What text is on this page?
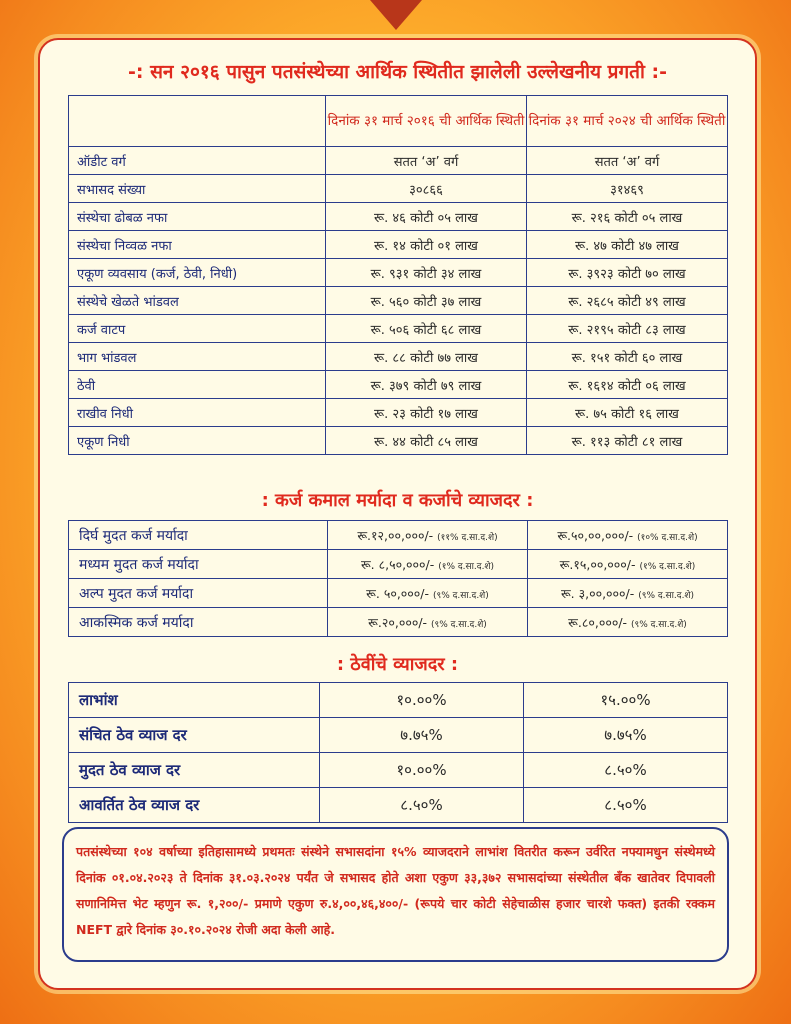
-: सन २०१६ पासुन पतसंस्थेच्या आर्थिक स्थितीत झालेली उल्लेखनीय प्रगती :-
	दिनांक ३१ मार्च २०१६ ची आर्थिक स्थिती	दिनांक ३१ मार्च २०२४ ची आर्थिक स्थिती
ऑडीट वर्ग	सतत ‘अ’ वर्ग	सतत ‘अ’ वर्ग
सभासद संख्या	३०८६६	३१४६९
संस्थेचा ढोबळ नफा	रू. ४६ कोटी ०५ लाख	रू. २१६ कोटी ०५ लाख
संस्थेचा निव्वळ नफा	रू. १४ कोटी ०१ लाख	रू. ४७ कोटी ४७ लाख
एकूण व्यवसाय (कर्ज, ठेवी, निधी)	रू. ९३१ कोटी ३४ लाख	रू. ३९२३ कोटी ७० लाख
संस्थेचे खेळते भांडवल	रू. ५६० कोटी ३७ लाख	रू. २६८५ कोटी ४९ लाख
कर्ज वाटप	रू. ५०६ कोटी ६८ लाख	रू. २१९५ कोटी ८३ लाख
भाग भांडवल	रू. ८८ कोटी ७७ लाख	रू. १५१ कोटी ६० लाख
ठेवी	रू. ३७९ कोटी ७९ लाख	रू. १६१४ कोटी ०६ लाख
राखीव निधी	रू. २३ कोटी १७ लाख	रू. ७५ कोटी १६ लाख
एकूण निधी	रू. ४४ कोटी ८५ लाख	रू. ११३ कोटी ८१ लाख
: कर्ज कमाल मर्यादा व कर्जाचे व्याजदर :
दिर्घ मुदत कर्ज मर्यादा	रू.१२,००,०००/- (११% द.सा.द.शे)	रू.५०,००,०००/- (१०% द.सा.द.शे)
मध्यम मुदत कर्ज मर्यादा	रू. ८,५०,०००/- (१% द.सा.द.शे)	रू.१५,००,०००/- (१% द.सा.द.शे)
अल्प मुदत कर्ज मर्यादा	रू. ५०,०००/- (९% द.सा.द.शे)	रू. ३,००,०००/- (९% द.सा.द.शे)
आकस्मिक कर्ज मर्यादा	रू.२०,०००/- (९% द.सा.द.शे)	रू.८०,०००/- (९% द.सा.द.शे)
: ठेवींचे व्याजदर :
लाभांश	१०.००%	१५.००%
संचित ठेव व्याज दर	७.७५%	७.७५%
मुदत ठेव व्याज दर	१०.००%	८.५०%
आवर्तित ठेव व्याज दर	८.५०%	८.५०%
पतसंस्थेच्या १०४ वर्षाच्या इतिहासामध्ये प्रथमतः संस्थेने सभासदांना १५% व्याजदराने लाभांश वितरीत करून उर्वरित नफ्यामधुन संस्थेमध्ये दिनांक ०१.०४.२०२३ ते दिनांक ३१.०३.२०२४ पर्यंत जे सभासद होते अशा एकुण ३३,३७२ सभासदांच्या संस्थेतील बँक खातेवर दिपावली सणानिमित्त भेट म्हणुन रू. १,२००/- प्रमाणे एकुण रु.४,००,४६,४००/- (रूपये चार कोटी सेहेचाळीस हजार चारशे फक्त) इतकी रक्कम NEFT द्वारे दिनांक ३०.१०.२०२४ रोजी अदा केली आहे.
